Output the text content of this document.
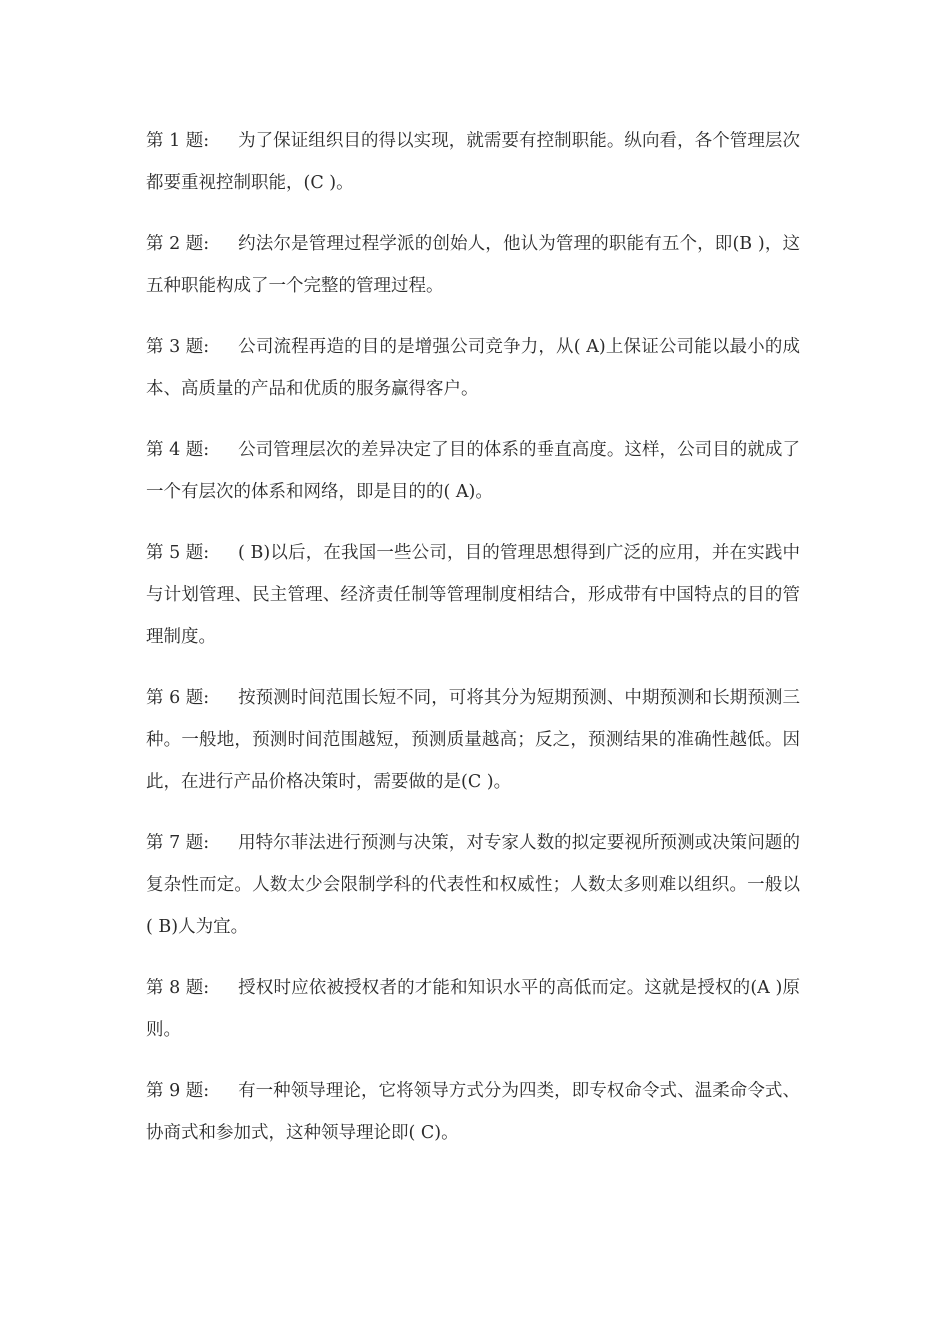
第 1 题: 为了保证组织目的得以实现，就需要有控制职能。纵向看，各个管理层次都要重视控制职能，(C )。

第 2 题: 约法尔是管理过程学派的创始人，他认为管理的职能有五个，即(B )，这五种职能构成了一个完整的管理过程。

第 3 题: 公司流程再造的目的是增强公司竞争力，从( A)上保证公司能以最小的成本、高质量的产品和优质的服务赢得客户。

第 4 题: 公司管理层次的差异决定了目的体系的垂直高度。这样，公司目的就成了一个有层次的体系和网络，即是目的的( A)。

第 5 题: ( B)以后，在我国一些公司，目的管理思想得到广泛的应用，并在实践中与计划管理、民主管理、经济责任制等管理制度相结合，形成带有中国特点的目的管理制度。

第 6 题: 按预测时间范围长短不同，可将其分为短期预测、中期预测和长期预测三种。一般地，预测时间范围越短，预测质量越高；反之，预测结果的准确性越低。因此，在进行产品价格决策时，需要做的是(C )。

第 7 题: 用特尔菲法进行预测与决策，对专家人数的拟定要视所预测或决策问题的复杂性而定。人数太少会限制学科的代表性和权威性；人数太多则难以组织。一般以( B)人为宜。

第 8 题: 授权时应依被授权者的才能和知识水平的高低而定。这就是授权的(A )原则。

第 9 题: 有一种领导理论，它将领导方式分为四类，即专权命令式、温柔命令式、协商式和参加式，这种领导理论即( C)。
